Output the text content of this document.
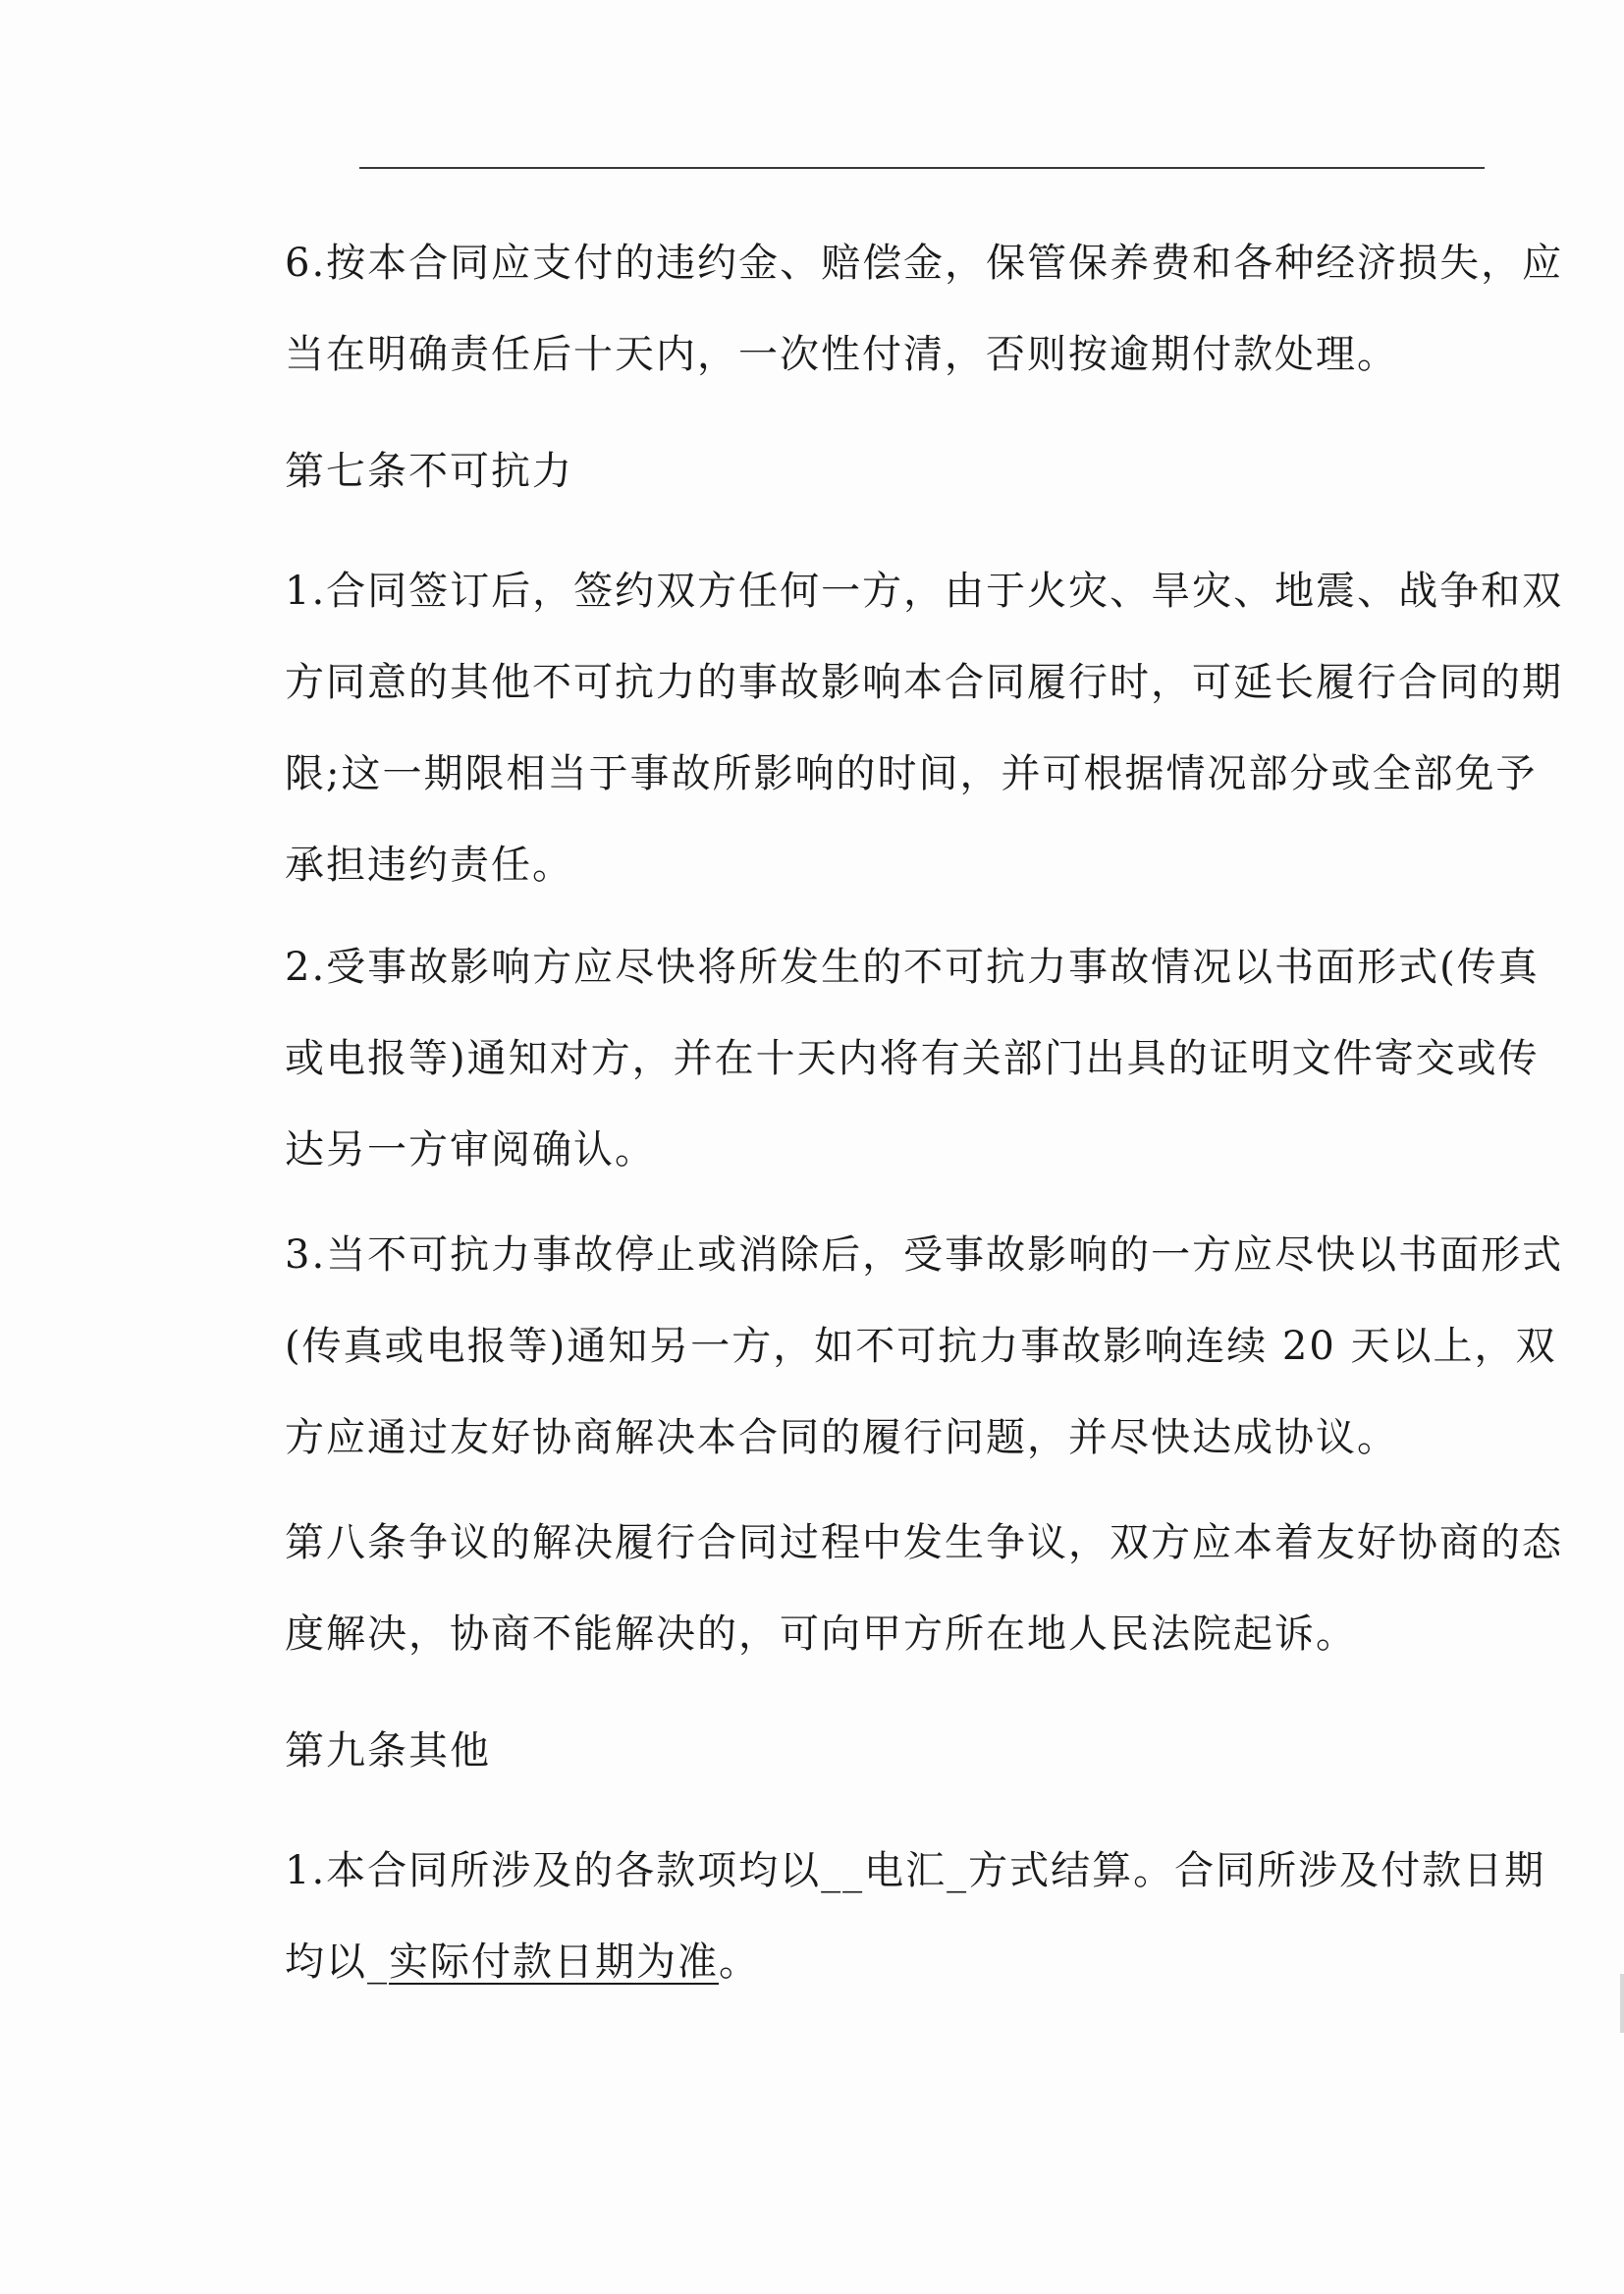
6.按本合同应支付的违约金、赔偿金，保管保养费和各种经济损失，应
当在明确责任后十天内，一次性付清，否则按逾期付款处理。
第七条不可抗力
1.合同签订后，签约双方任何一方，由于火灾、旱灾、地震、战争和双
方同意的其他不可抗力的事故影响本合同履行时，可延长履行合同的期
限;这一期限相当于事故所影响的时间，并可根据情况部分或全部免予
承担违约责任。
2.受事故影响方应尽快将所发生的不可抗力事故情况以书面形式(传真
或电报等)通知对方，并在十天内将有关部门出具的证明文件寄交或传
达另一方审阅确认。
3.当不可抗力事故停止或消除后，受事故影响的一方应尽快以书面形式
(传真或电报等)通知另一方，如不可抗力事故影响连续 20 天以上，双
方应通过友好协商解决本合同的履行问题，并尽快达成协议。
第八条争议的解决履行合同过程中发生争议，双方应本着友好协商的态
度解决，协商不能解决的，可向甲方所在地人民法院起诉。
第九条其他
1.本合同所涉及的各款项均以__电汇_方式结算。合同所涉及付款日期
均以_实际付款日期为准。
